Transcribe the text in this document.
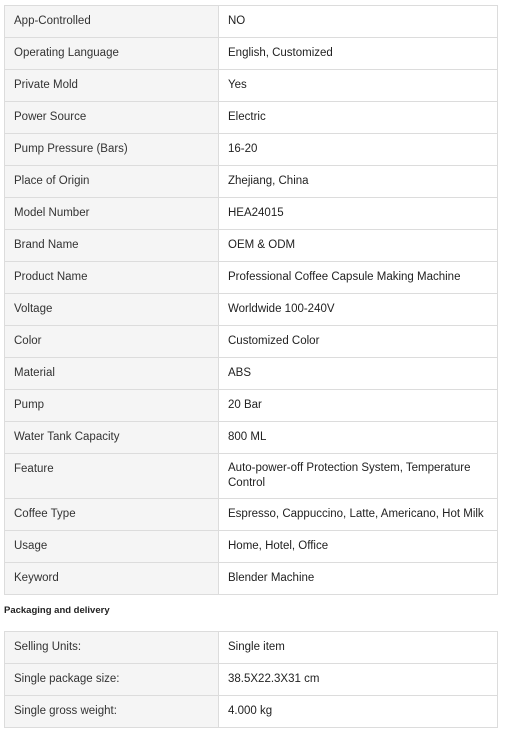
App-Controlled	NO
Operating Language	English, Customized
Private Mold	Yes
Power Source	Electric
Pump Pressure (Bars)	16-20
Place of Origin	Zhejiang, China
Model Number	HEA24015
Brand Name	OEM & ODM
Product Name	Professional Coffee Capsule Making Machine
Voltage	Worldwide 100-240V
Color	Customized Color
Material	ABS
Pump	20 Bar
Water Tank Capacity	800 ML
Feature	Auto-power-off Protection System, Temperature Control
Coffee Type	Espresso, Cappuccino, Latte, Americano, Hot Milk
Usage	Home, Hotel, Office
Keyword	Blender Machine
Packaging and delivery
Selling Units:	Single item
Single package size:	38.5X22.3X31 cm
Single gross weight:	4.000 kg
